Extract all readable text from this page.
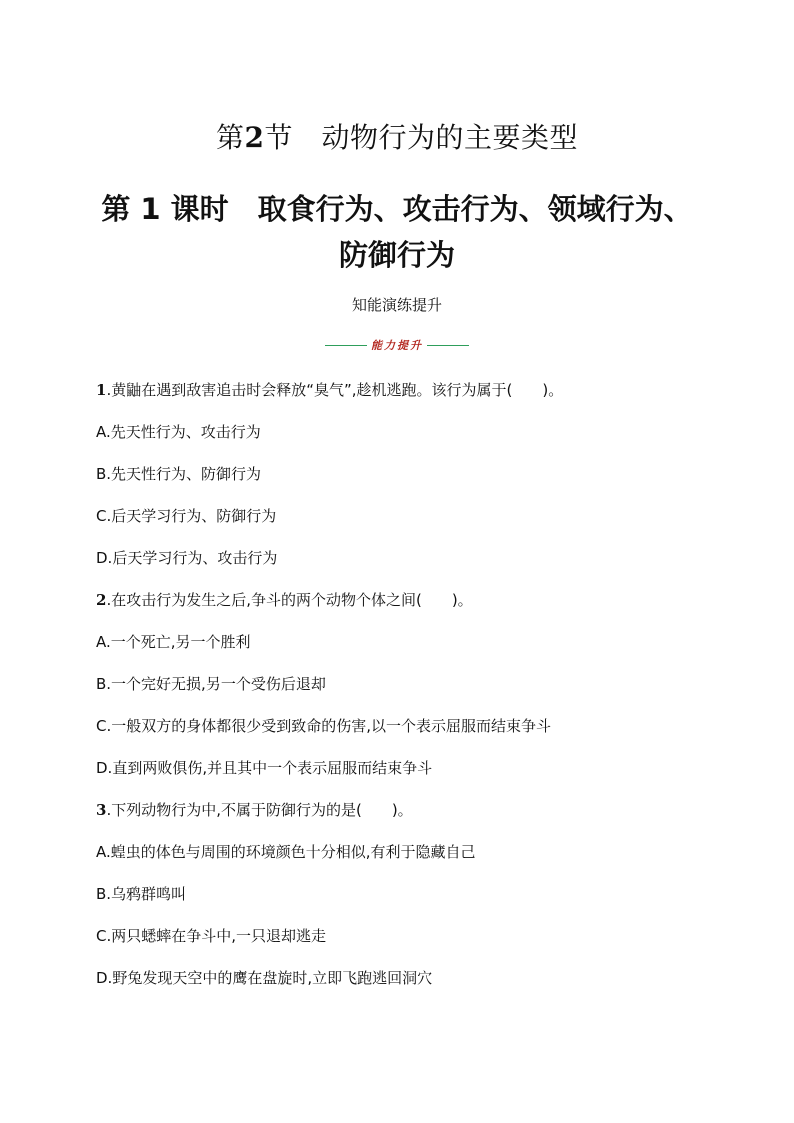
第2节　动物行为的主要类型
第 1 课时　取食行为、攻击行为、领域行为、
防御行为

知能演练提升

能力提升
1.黄鼬在遇到敌害追击时会释放“臭气”,趁机逃跑。该行为属于(　　)。
A.先天性行为、攻击行为
B.先天性行为、防御行为
C.后天学习行为、防御行为
D.后天学习行为、攻击行为
2.在攻击行为发生之后,争斗的两个动物个体之间(　　)。
A.一个死亡,另一个胜利
B.一个完好无损,另一个受伤后退却
C.一般双方的身体都很少受到致命的伤害,以一个表示屈服而结束争斗
D.直到两败俱伤,并且其中一个表示屈服而结束争斗
3.下列动物行为中,不属于防御行为的是(　　)。
A.蝗虫的体色与周围的环境颜色十分相似,有利于隐藏自己
B.乌鸦群鸣叫
C.两只蟋蟀在争斗中,一只退却逃走
D.野兔发现天空中的鹰在盘旋时,立即飞跑逃回洞穴
